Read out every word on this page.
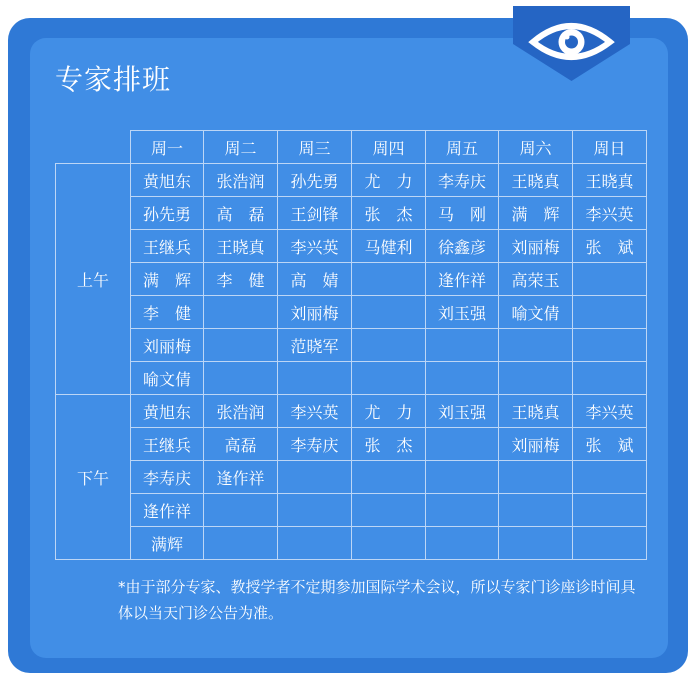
专家排班
	周一	周二	周三	周四	周五	周六	周日
上午	黄旭东	张浩润	孙先勇	尤　力	李寿庆	王晓真	王晓真
	孙先勇	高　磊	王剑锋	张　杰	马　刚	满　辉	李兴英
	王继兵	王晓真	李兴英	马健利	徐鑫彦	刘丽梅	张　斌
	满　辉	李　健	高　婧		逢作祥	高荣玉	
	李　健		刘丽梅		刘玉强	喻文倩	
	刘丽梅		范晓军				
	喻文倩						
下午	黄旭东	张浩润	李兴英	尤　力	刘玉强	王晓真	李兴英
	王继兵	高磊	李寿庆	张　杰		刘丽梅	张　斌
	李寿庆	逢作祥					
	逢作祥						
	满辉						
*由于部分专家、教授学者不定期参加国际学术会议，所以专家门诊座诊时间具体以当天门诊公告为准。
